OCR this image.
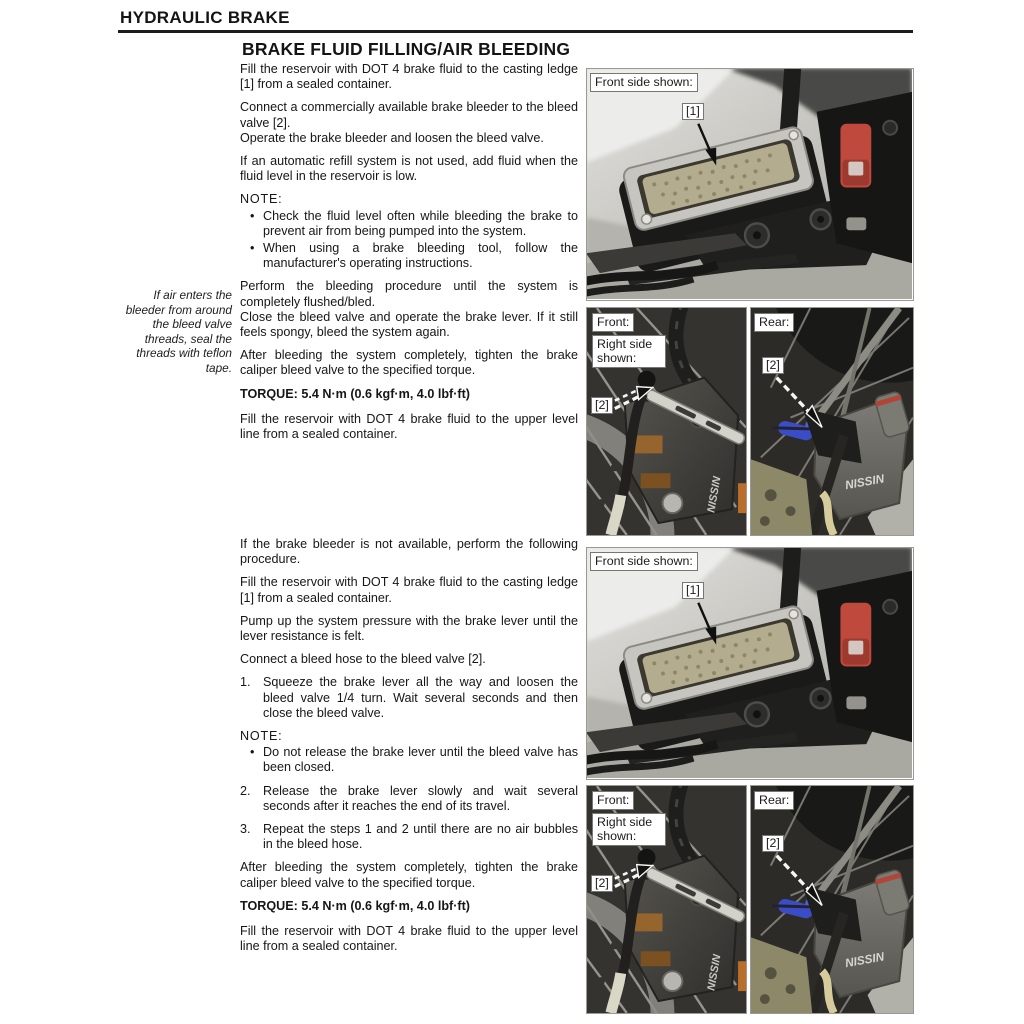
HYDRAULIC BRAKE
BRAKE FLUID FILLING/AIR BLEEDING
If air enters the bleeder from around the bleed valve threads, seal the threads with teflon tape.

Fill the reservoir with DOT 4 brake fluid to the casting ledge [1] from a sealed container.

Connect a commercially available brake bleeder to the bleed valve [2].
Operate the brake bleeder and loosen the bleed valve.

If an automatic refill system is not used, add fluid when the fluid level in the reservoir is low.

NOTE:
• Check the fluid level often while bleeding the brake to prevent air from being pumped into the system.
• When using a brake bleeding tool, follow the manufacturer's operating instructions.
Perform the bleeding procedure until the system is completely flushed/bled.
Close the bleed valve and operate the brake lever. If it still feels spongy, bleed the system again.

After bleeding the system completely, tighten the brake caliper bleed valve to the specified torque.

TORQUE: 5.4 N·m (0.6 kgf·m, 4.0 lbf·ft)

Fill the reservoir with DOT 4 brake fluid to the upper level line from a sealed container.

If the brake bleeder is not available, perform the following procedure.

Fill the reservoir with DOT 4 brake fluid to the casting ledge [1] from a sealed container.

Pump up the system pressure with the brake lever until the lever resistance is felt.

Connect a bleed hose to the bleed valve [2].

1. Squeeze the brake lever all the way and loosen the bleed valve 1/4 turn. Wait several seconds and then close the bleed valve.
NOTE:
• Do not release the brake lever until the bleed valve has been closed.
2. Release the brake lever slowly and wait several seconds after it reaches the end of its travel.
3. Repeat the steps 1 and 2 until there are no air bubbles in the bleed hose.

After bleeding the system completely, tighten the brake caliper bleed valve to the specified torque.

TORQUE: 5.4 N·m (0.6 kgf·m, 4.0 lbf·ft)

Fill the reservoir with DOT 4 brake fluid to the upper level line from a sealed container.

Front side shown:
[1]
Front:
Right side shown:
[2]
Rear:
[2]
Front side shown:
[1]
Front:
Right side shown:
[2]
Rear:
[2]
